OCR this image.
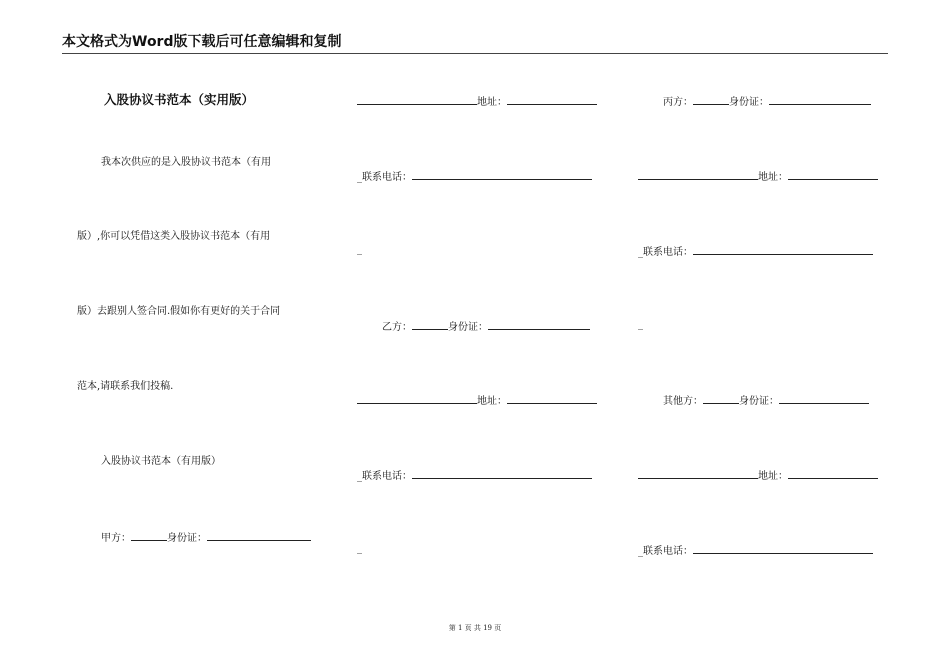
本文格式为Word版下载后可任意编辑和复制
入股协议书范本（实用版）
我本次供应的是入股协议书范本（有用
版）,你可以凭借这类入股协议书范本（有用
版）去跟别人签合同.假如你有更好的关于合同
范本,请联系我们投稿.
入股协议书范本（有用版）
甲方：	身份证：
地址：
_联系电话：
_
乙方：	身份证：
地址：
_联系电话：
_
丙方：	身份证：
地址：
_联系电话：
_
其他方：	身份证：
地址：
_联系电话：
第 1 页 共 19 页
